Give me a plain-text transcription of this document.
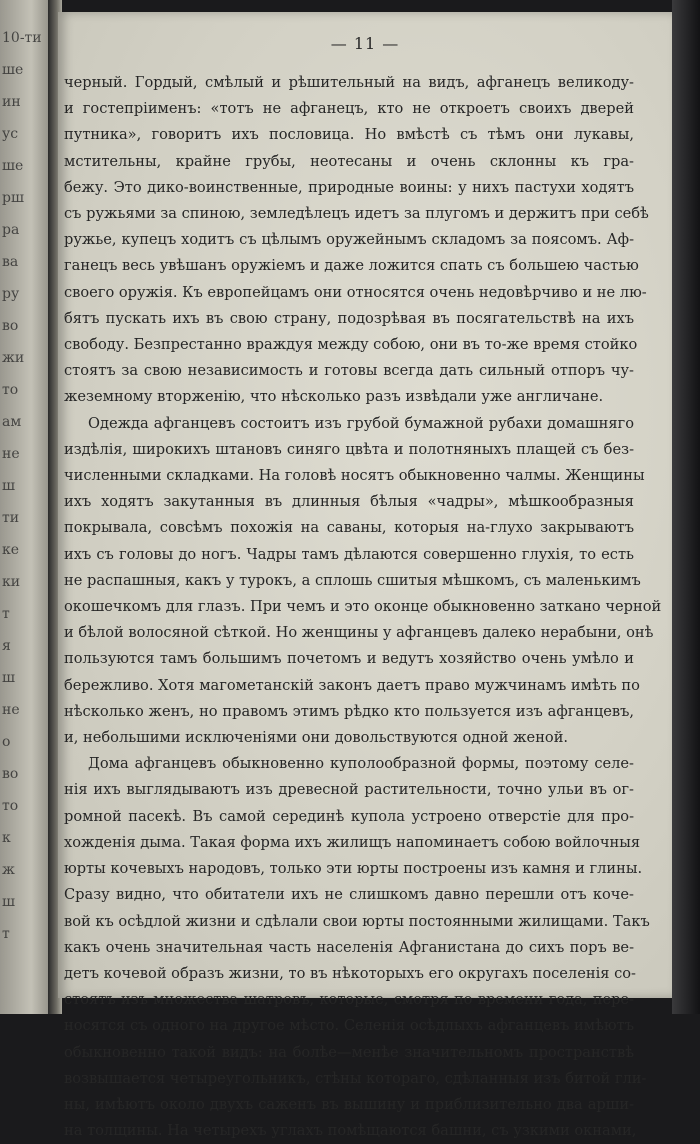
10-ти
ше
ин
ус
ше
рш
ра
ва
ру
во
жи
то
ам
не
ш
ти
ке
ки
т
я
ш
не
о
во
то
к
ж
ш
т
— 11 —
черный. Гордый, смѣлый и рѣшительный на видъ, афганецъ великоду-
и гостепріименъ: «тотъ не афганецъ, кто не откроетъ своихъ дверей
путника», говоритъ ихъ пословица. Но вмѣстѣ съ тѣмъ они лукавы,
мстительны, крайне грубы, неотесаны и очень склонны къ гра-
бежу. Это дико-воинственные, природные воины: у нихъ пастухи ходятъ
съ ружьями за спиною, земледѣлецъ идетъ за плугомъ и держитъ при себѣ
ружье, купецъ ходитъ съ цѣлымъ оружейнымъ складомъ за поясомъ. Аф-
ганецъ весь увѣшанъ оружіемъ и даже ложится спать съ большею частью
своего оружія. Къ европейцамъ они относятся очень недовѣрчиво и не лю-
бятъ пускать ихъ въ свою страну, подозрѣвая въ посягательствѣ на ихъ
свободу. Безпрестанно враждуя между собою, они въ то-же время стойко
стоятъ за свою независимость и готовы всегда дать сильный отпоръ чу-
жеземному вторженію, что нѣсколько разъ извѣдали уже англичане.
Одежда афганцевъ состоитъ изъ грубой бумажной рубахи домашняго
издѣлія, широкихъ штановъ синяго цвѣта и полотняныхъ плащей съ без-
численными складками. На головѣ носятъ обыкновенно чалмы. Женщины
ихъ ходятъ закутанныя въ длинныя бѣлыя «чадры», мѣшкообразныя
покрывала, совсѣмъ похожія на саваны, которыя на-глухо закрываютъ
ихъ съ головы до ногъ. Чадры тамъ дѣлаются совершенно глухія, то есть
не распашныя, какъ у турокъ, а сплошь сшитыя мѣшкомъ, съ маленькимъ
окошечкомъ для глазъ. При чемъ и это оконце обыкновенно заткано черной
и бѣлой волосяной сѣткой. Но женщины у афганцевъ далеко нерабыни, онѣ
пользуются тамъ большимъ почетомъ и ведутъ хозяйство очень умѣло и
бережливо. Хотя магометанскій законъ даетъ право мужчинамъ имѣть по
нѣсколько женъ, но правомъ этимъ рѣдко кто пользуется изъ афганцевъ,
и, небольшими исключеніями они довольствуются одной женой.
Дома афганцевъ обыкновенно куполообразной формы, поэтому селе-
нія ихъ выглядываютъ изъ древесной растительности, точно ульи въ ог-
ромной пасекѣ. Въ самой серединѣ купола устроено отверстіе для про-
хожденія дыма. Такая форма ихъ жилищъ напоминаетъ собою войлочныя
юрты кочевыхъ народовъ, только эти юрты построены изъ камня и глины.
Сразу видно, что обитатели ихъ не слишкомъ давно перешли отъ коче-
вой къ осѣдлой жизни и сдѣлали свои юрты постоянными жилищами. Такъ
какъ очень значительная часть населенія Афганистана до сихъ поръ ве-
детъ кочевой образъ жизни, то въ нѣкоторыхъ его округахъ поселенія со-
стоятъ изъ множества шатровъ, которые, смотря по времени года, пере-
носятся съ одного на другое мѣсто. Селенія осѣдлыхъ афганцевъ имѣютъ
обыкновенно такой видъ: на болѣе—менѣе значительномъ пространствѣ
возвышается четыреугольникъ, стѣны котораго, сдѣланныя изъ битой гли-
ны, имѣютъ около двухъ саженъ въ вышину и приблизительно два арши-
на толщины. На четырехъ углахъ помѣщаются башни, съ узкими окнами,
